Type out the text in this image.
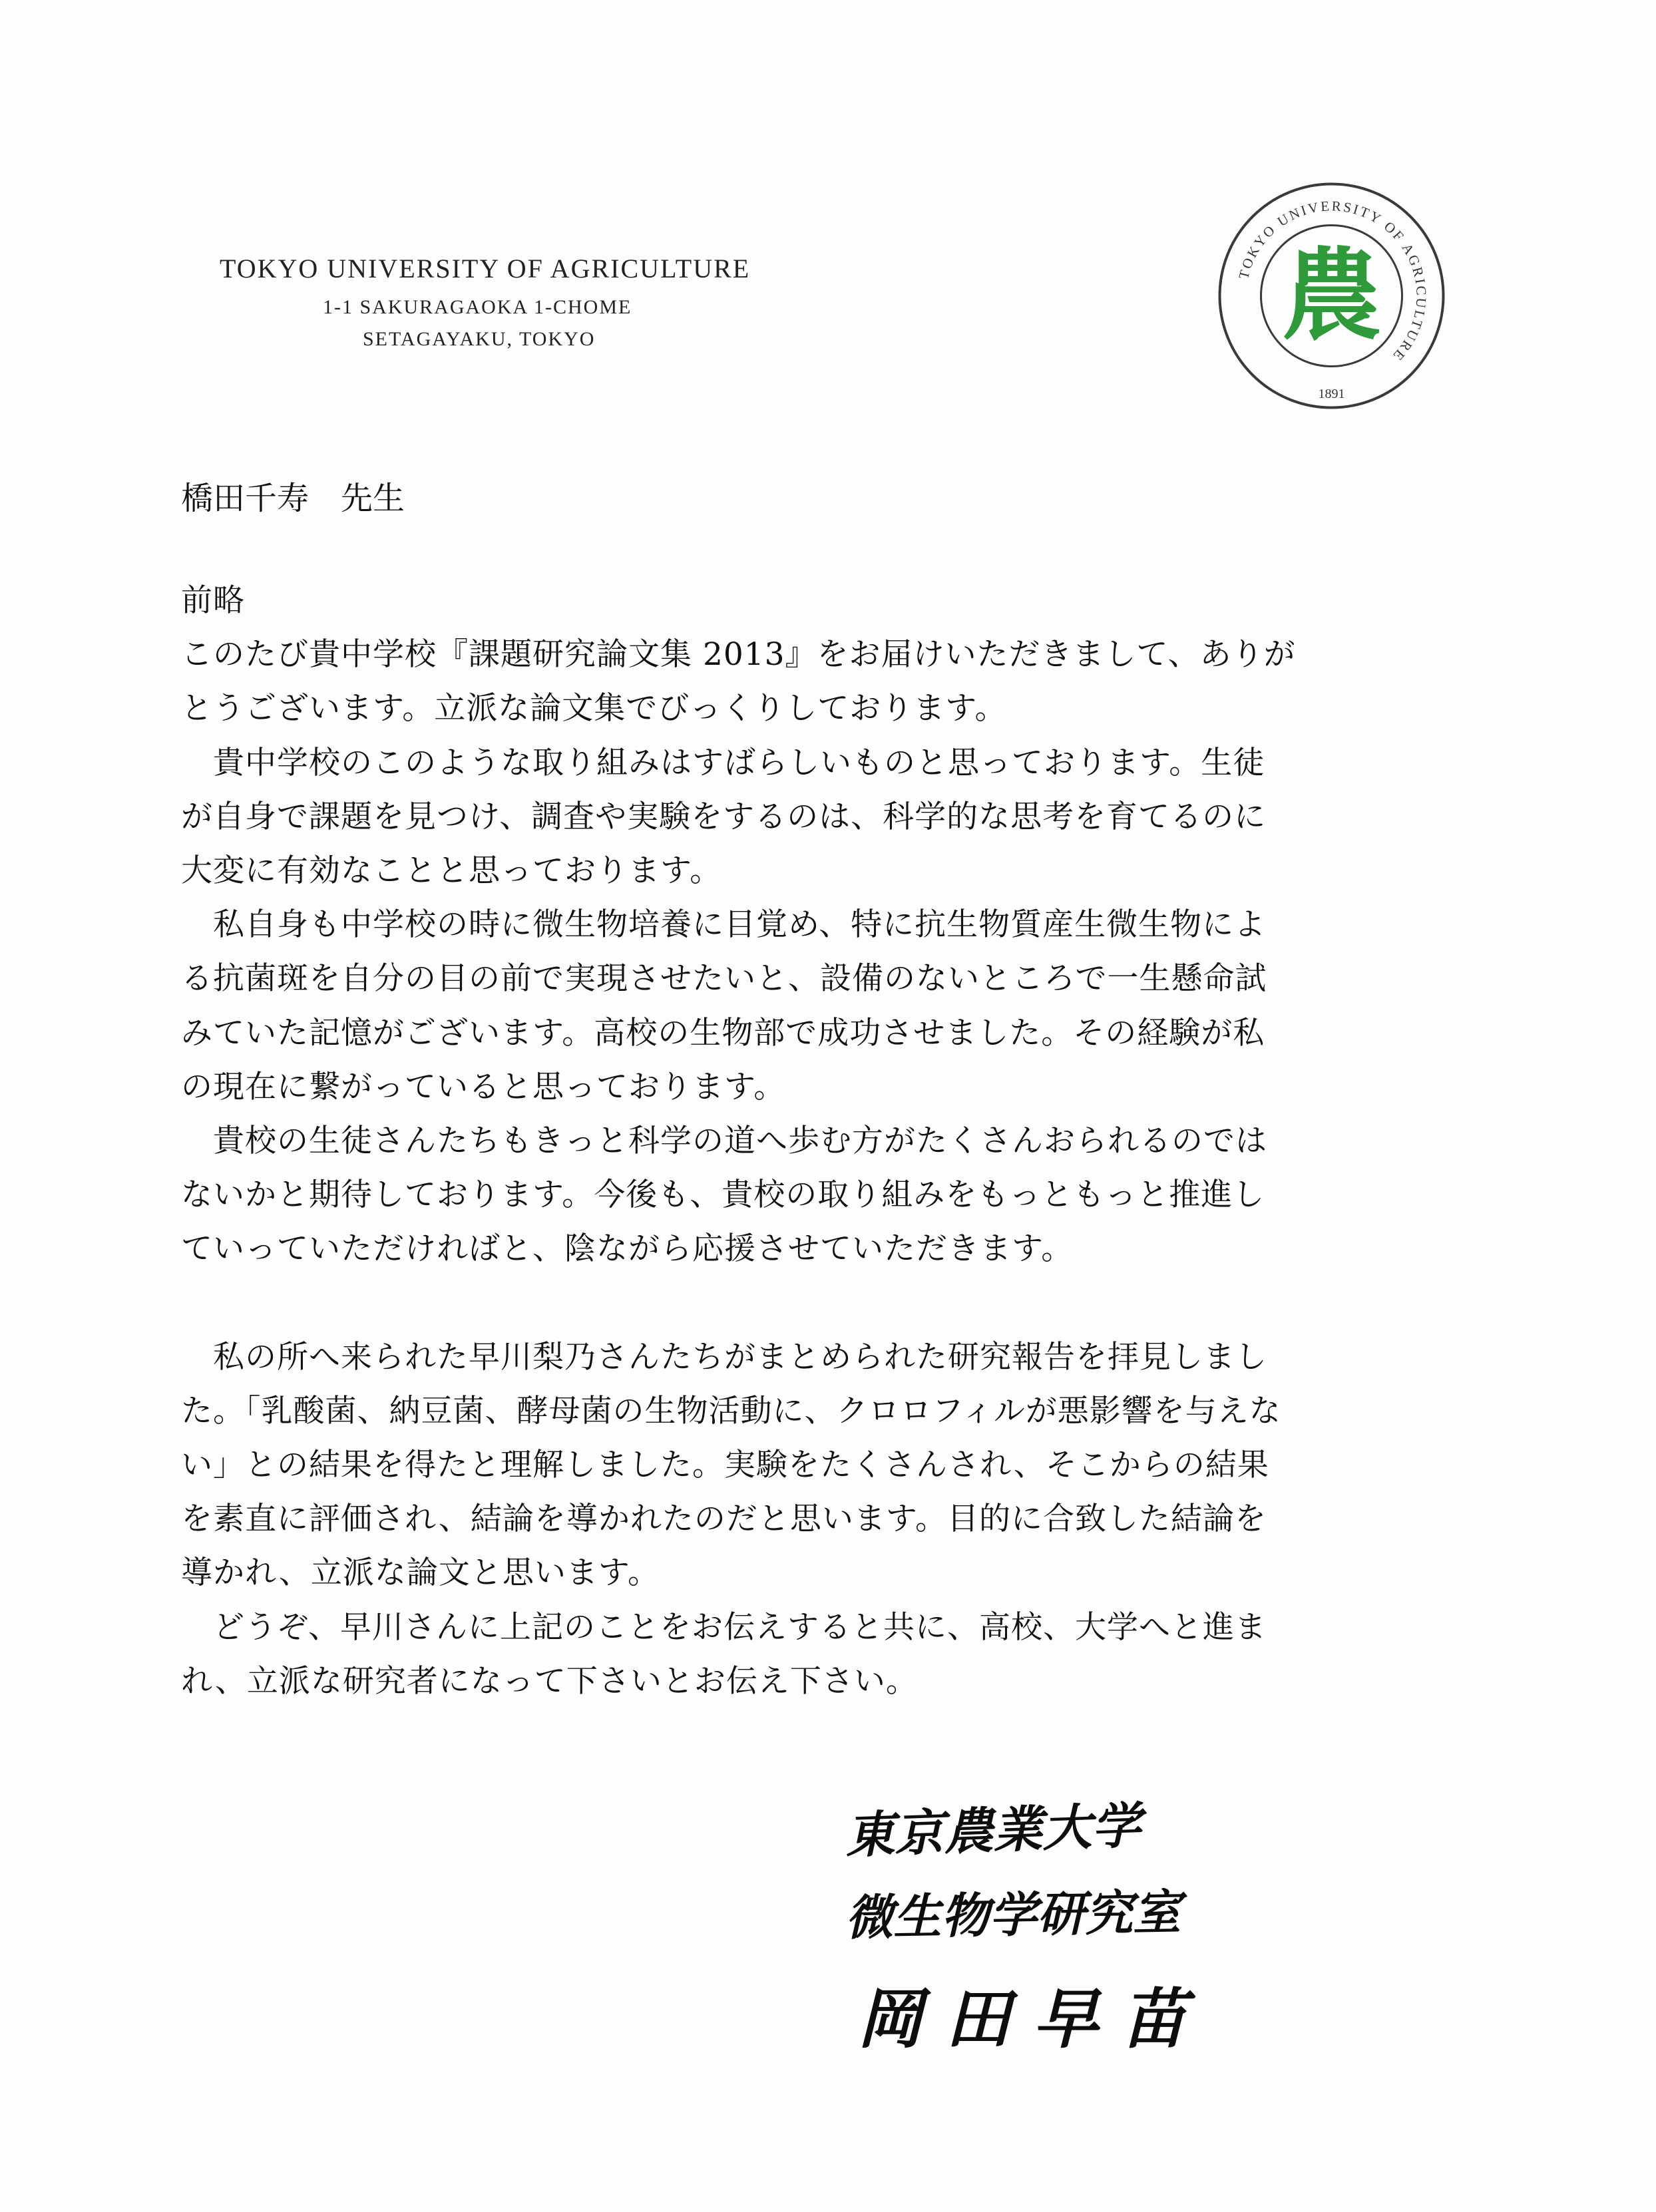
TOKYO UNIVERSITY OF AGRICULTURE
1-1 SAKURAGAOKA 1-CHOME
SETAGAYAKU, TOKYO
TOKYO UNIVERSITY OF AGRICULTURE
1891
農
橋田千寿　先生

前略

このたび貴中学校『課題研究論文集 2013』をお届けいただきまして、ありが

とうございます。立派な論文集でびっくりしております。

　貴中学校のこのような取り組みはすばらしいものと思っております。生徒

が自身で課題を見つけ、調査や実験をするのは、科学的な思考を育てるのに

大変に有効なことと思っております。

　私自身も中学校の時に微生物培養に目覚め、特に抗生物質産生微生物によ

る抗菌斑を自分の目の前で実現させたいと、設備のないところで一生懸命試

みていた記憶がございます。高校の生物部で成功させました。その経験が私

の現在に繋がっていると思っております。

　貴校の生徒さんたちもきっと科学の道へ歩む方がたくさんおられるのでは

ないかと期待しております。今後も、貴校の取り組みをもっともっと推進し

ていっていただければと、陰ながら応援させていただきます。

　私の所へ来られた早川梨乃さんたちがまとめられた研究報告を拝見しまし

た。「乳酸菌、納豆菌、酵母菌の生物活動に、クロロフィルが悪影響を与えな

い」との結果を得たと理解しました。実験をたくさんされ、そこからの結果

を素直に評価され、結論を導かれたのだと思います。目的に合致した結論を

導かれ、立派な論文と思います。

　どうぞ、早川さんに上記のことをお伝えすると共に、高校、大学へと進ま

れ、立派な研究者になって下さいとお伝え下さい。

東京農業大学

微生物学研究室

岡田早苗
